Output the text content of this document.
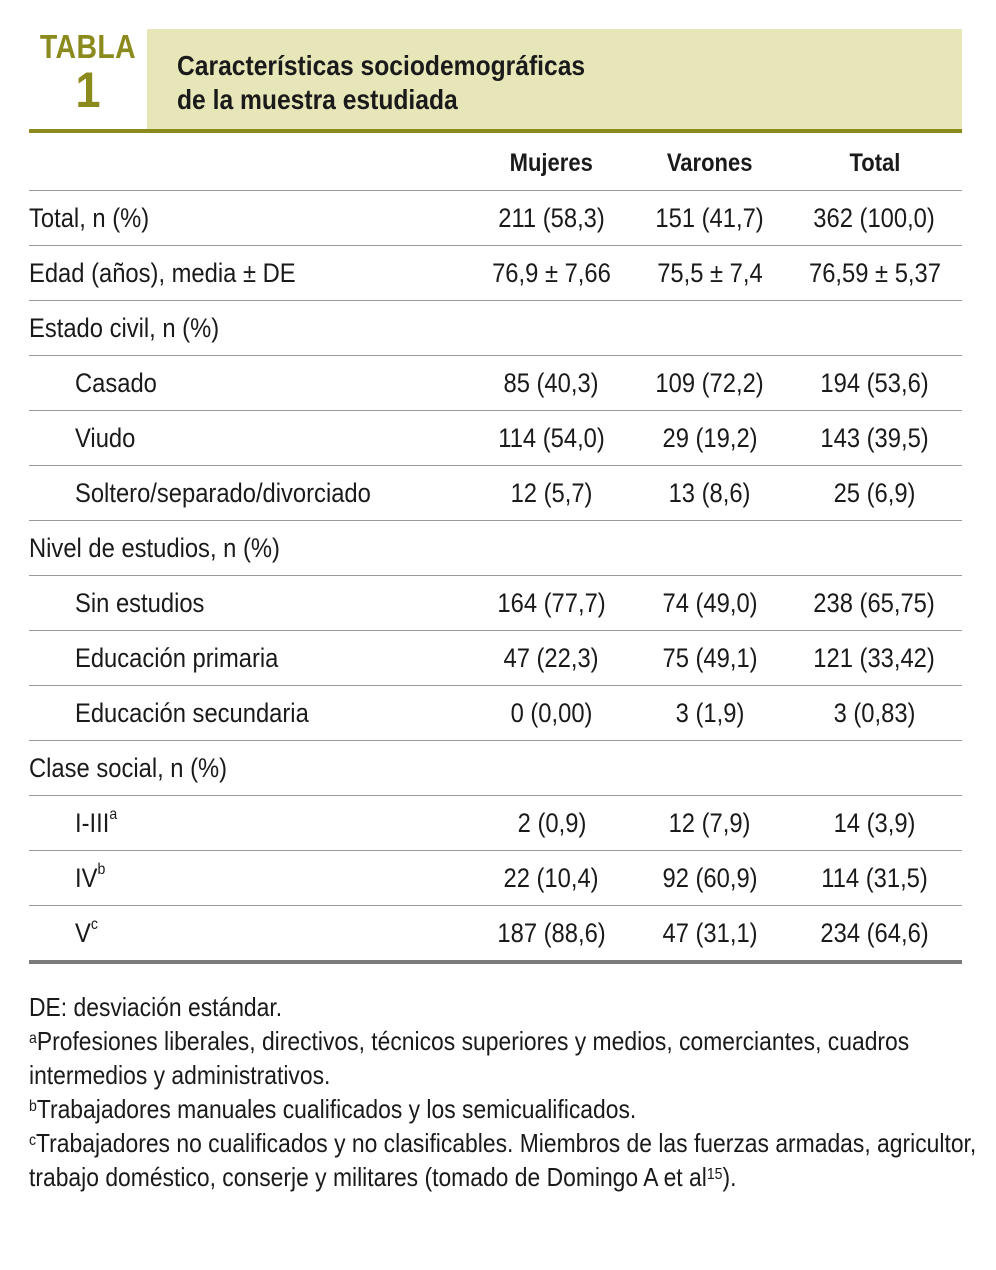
TABLA
1	Características sociodemográficas
de la muestra estudiada
	Mujeres	Varones	Total
Total, n (%)	211 (58,3)	151 (41,7)	362 (100,0)
Edad (años), media ± DE	76,9 ± 7,66	75,5 ± 7,4	76,59 ± 5,37
Estado civil, n (%)			
Casado	85 (40,3)	109 (72,2)	194 (53,6)
Viudo	114 (54,0)	29 (19,2)	143 (39,5)
Soltero/separado/divorciado	12 (5,7)	13 (8,6)	25 (6,9)
Nivel de estudios, n (%)			
Sin estudios	164 (77,7)	74 (49,0)	238 (65,75)
Educación primaria	47 (22,3)	75 (49,1)	121 (33,42)
Educación secundaria	0 (0,00)	3 (1,9)	3 (0,83)
Clase social, n (%)			
I-III$^a$	2 (0,9)	12 (7,9)	14 (3,9)
$IV^b$	22 (10,4)	92 (60,9)	114 (31,5)
$V^c$	187 (88,6)	47 (31,1)	234 (64,6)
DE: desviación estándar.
$^a$Profesiones liberales, directivos, técnicos superiores y medios, comerciantes, cuadros intermedios y administrativos.
$^b$Trabajadores manuales cualificados y los semicualificados.
$^c$Trabajadores no cualificados y no clasificables. Miembros de las fuerzas armadas, agricultor, trabajo doméstico, conserje y militares (tomado de Domingo A et $al^{15}$).
